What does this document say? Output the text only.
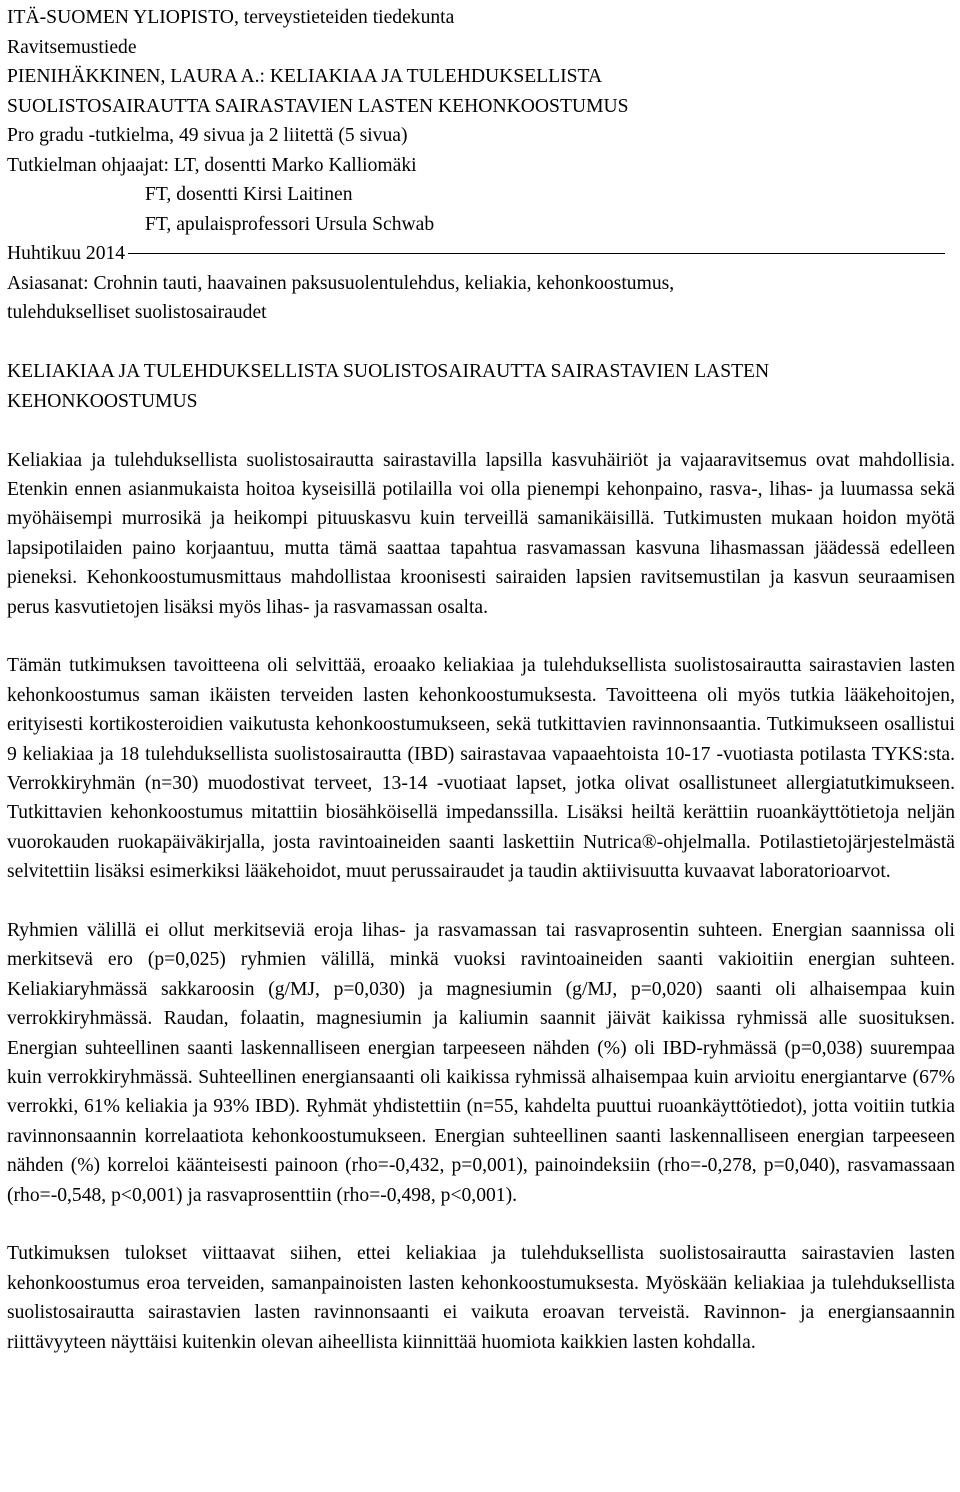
ITÄ-SUOMEN YLIOPISTO, terveystieteiden tiedekunta
Ravitsemustiede
PIENIHÄKKINEN, LAURA A.: KELIAKIAA JA TULEHDUKSELLISTA
SUOLISTOSAIRAUTTA SAIRASTAVIEN LASTEN KEHONKOOSTUMUS
Pro gradu -tutkielma, 49 sivua ja 2 liitettä (5 sivua)
Tutkielman ohjaajat: LT, dosentti Marko Kalliomäki
FT, dosentti Kirsi Laitinen
FT, apulaisprofessori Ursula Schwab
Huhtikuu 2014
Asiasanat: Crohnin tauti, haavainen paksusuolentulehdus, keliakia, kehonkoostumus,
tulehdukselliset suolistosairaudet

KELIAKIAA JA TULEHDUKSELLISTA SUOLISTOSAIRAUTTA SAIRASTAVIEN LASTEN KEHONKOOSTUMUS

Keliakiaa ja tulehduksellista suolistosairautta sairastavilla lapsilla kasvuhäiriöt ja vajaaravitsemus ovat mahdollisia. Etenkin ennen asianmukaista hoitoa kyseisillä potilailla voi olla pienempi kehonpaino, rasva-, lihas- ja luumassa sekä myöhäisempi murrosikä ja heikompi pituuskasvu kuin terveillä samanikäisillä. Tutkimusten mukaan hoidon myötä lapsipotilaiden paino korjaantuu, mutta tämä saattaa tapahtua rasvamassan kasvuna lihasmassan jäädessä edelleen pieneksi. Kehonkoostumusmittaus mahdollistaa kroonisesti sairaiden lapsien ravitsemustilan ja kasvun seuraamisen perus kasvutietojen lisäksi myös lihas- ja rasvamassan osalta.

Tämän tutkimuksen tavoitteena oli selvittää, eroaako keliakiaa ja tulehduksellista suolistosairautta sairastavien lasten kehonkoostumus saman ikäisten terveiden lasten kehonkoostumuksesta. Tavoitteena oli myös tutkia lääkehoitojen, erityisesti kortikosteroidien vaikutusta kehonkoostumukseen, sekä tutkittavien ravinnonsaantia. Tutkimukseen osallistui 9 keliakiaa ja 18 tulehduksellista suolistosairautta (IBD) sairastavaa vapaaehtoista 10-17 -vuotiasta potilasta TYKS:sta. Verrokkiryhmän (n=30) muodostivat terveet, 13-14 -vuotiaat lapset, jotka olivat osallistuneet allergiatutkimukseen. Tutkittavien kehonkoostumus mitattiin biosähköisellä impedanssilla. Lisäksi heiltä kerättiin ruoankäyttötietoja neljän vuorokauden ruokapäiväkirjalla, josta ravintoaineiden saanti laskettiin Nutrica®-ohjelmalla. Potilastietojärjestelmästä selvitettiin lisäksi esimerkiksi lääkehoidot, muut perussairaudet ja taudin aktiivisuutta kuvaavat laboratorioarvot.

Ryhmien välillä ei ollut merkitseviä eroja lihas- ja rasvamassan tai rasvaprosentin suhteen. Energian saannissa oli merkitsevä ero (p=0,025) ryhmien välillä, minkä vuoksi ravintoaineiden saanti vakioitiin energian suhteen. Keliakiaryhmässä sakkaroosin (g/MJ, p=0,030) ja magnesiumin (g/MJ, p=0,020) saanti oli alhaisempaa kuin verrokkiryhmässä. Raudan, folaatin, magnesiumin ja kaliumin saannit jäivät kaikissa ryhmissä alle suosituksen. Energian suhteellinen saanti laskennalliseen energian tarpeeseen nähden (%) oli IBD-ryhmässä (p=0,038) suurempaa kuin verrokkiryhmässä. Suhteellinen energiansaanti oli kaikissa ryhmissä alhaisempaa kuin arvioitu energiantarve (67% verrokki, 61% keliakia ja 93% IBD). Ryhmät yhdistettiin (n=55, kahdelta puuttui ruoankäyttötiedot), jotta voitiin tutkia ravinnonsaannin korrelaatiota kehonkoostumukseen. Energian suhteellinen saanti laskennalliseen energian tarpeeseen nähden (%) korreloi käänteisesti painoon (rho=-0,432, p=0,001), painoindeksiin (rho=-0,278, p=0,040), rasvamassaan (rho=-0,548, p<0,001) ja rasvaprosenttiin (rho=-0,498, p<0,001).

Tutkimuksen tulokset viittaavat siihen, ettei keliakiaa ja tulehduksellista suolistosairautta sairastavien lasten kehonkoostumus eroa terveiden, samanpainoisten lasten kehonkoostumuksesta. Myöskään keliakiaa ja tulehduksellista suolistosairautta sairastavien lasten ravinnonsaanti ei vaikuta eroavan terveistä. Ravinnon- ja energiansaannin riittävyyteen näyttäisi kuitenkin olevan aiheellista kiinnittää huomiota kaikkien lasten kohdalla.
